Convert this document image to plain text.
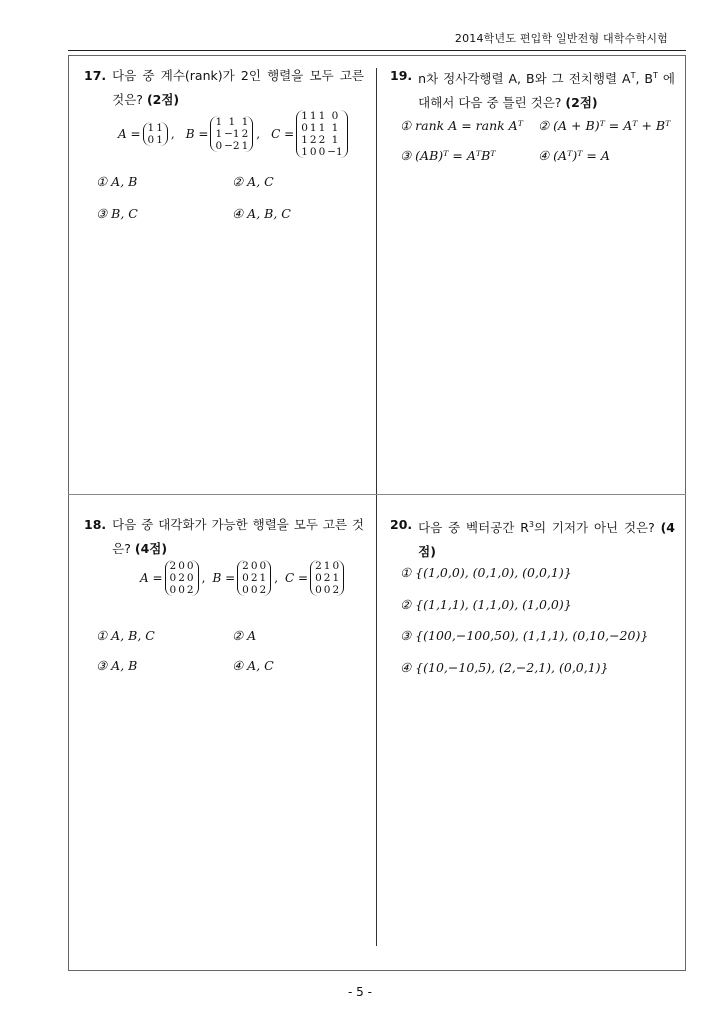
2014학년도 편입학 일반전형 대학수학시험
17. 다음 중 계수(rank)가 2인 행렬을 모두 고른 것은? (2점)
A = 1	1
0	1 , B =
1	1	1
1	−1	2
0	−2	1
, C =
1	1	1	0
0	1	1	1
1	2	2	1
1	0	0	−1
① A, B	② A, C
③ B, C	④ A, B, C
19. n차 정사각행렬 A, B와 그 전치행렬 $A^T$, $B^T$ 에 대해서 다음 중 틀린 것은? (2점)
① rank A = rank Aᵀ ② (A + B)ᵀ = Aᵀ + Bᵀ
③ (AB)ᵀ = AᵀBᵀ	④ (Aᵀ)ᵀ = A
18. 다음 중 대각화가 가능한 행렬을 모두 고른 것은? (4점)
A =
2	0	0
0	2	0
0	0	2
, B =
2	0	0
0	2	1
0	0	2
, C =
2	1	0
0	2	1
0	0	2
① A, B, C	② A
③ A, B	④ A, C
20. 다음 중 벡터공간 $R^3$의 기저가 아닌 것은? (4점)
① {(1,0,0), (0,1,0), (0,0,1)}
② {(1,1,1), (1,1,0), (1,0,0)}
③ {(100,−100,50), (1,1,1), (0,10,−20)}
④ {(10,−10,5), (2,−2,1), (0,0,1)}
- 5 -
